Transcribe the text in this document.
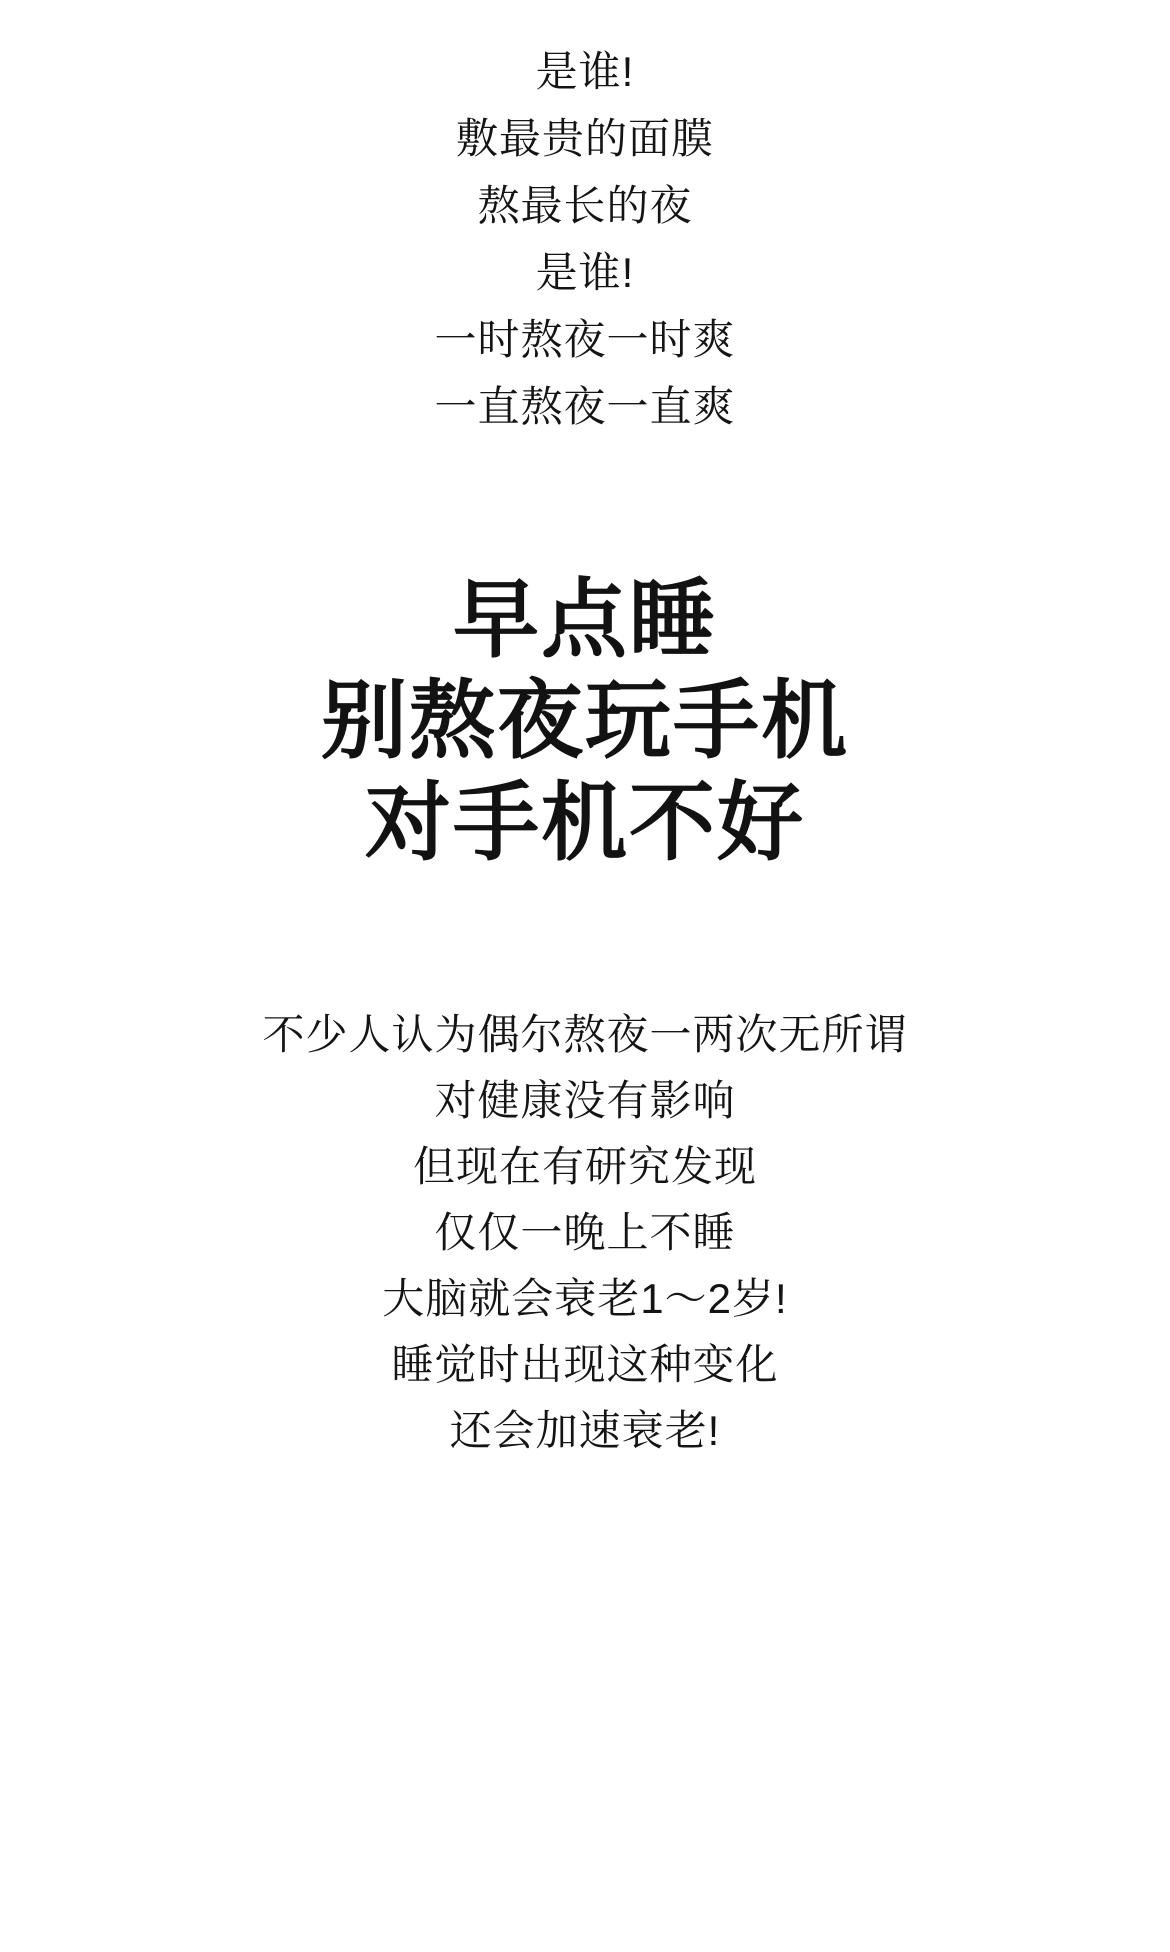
是谁!
敷最贵的面膜
熬最长的夜
是谁!
一时熬夜一时爽
一直熬夜一直爽
早点睡
别熬夜玩手机
对手机不好
不少人认为偶尔熬夜一两次无所谓
对健康没有影响
但现在有研究发现
仅仅一晚上不睡
大脑就会衰老1～2岁!
睡觉时出现这种变化
还会加速衰老!
